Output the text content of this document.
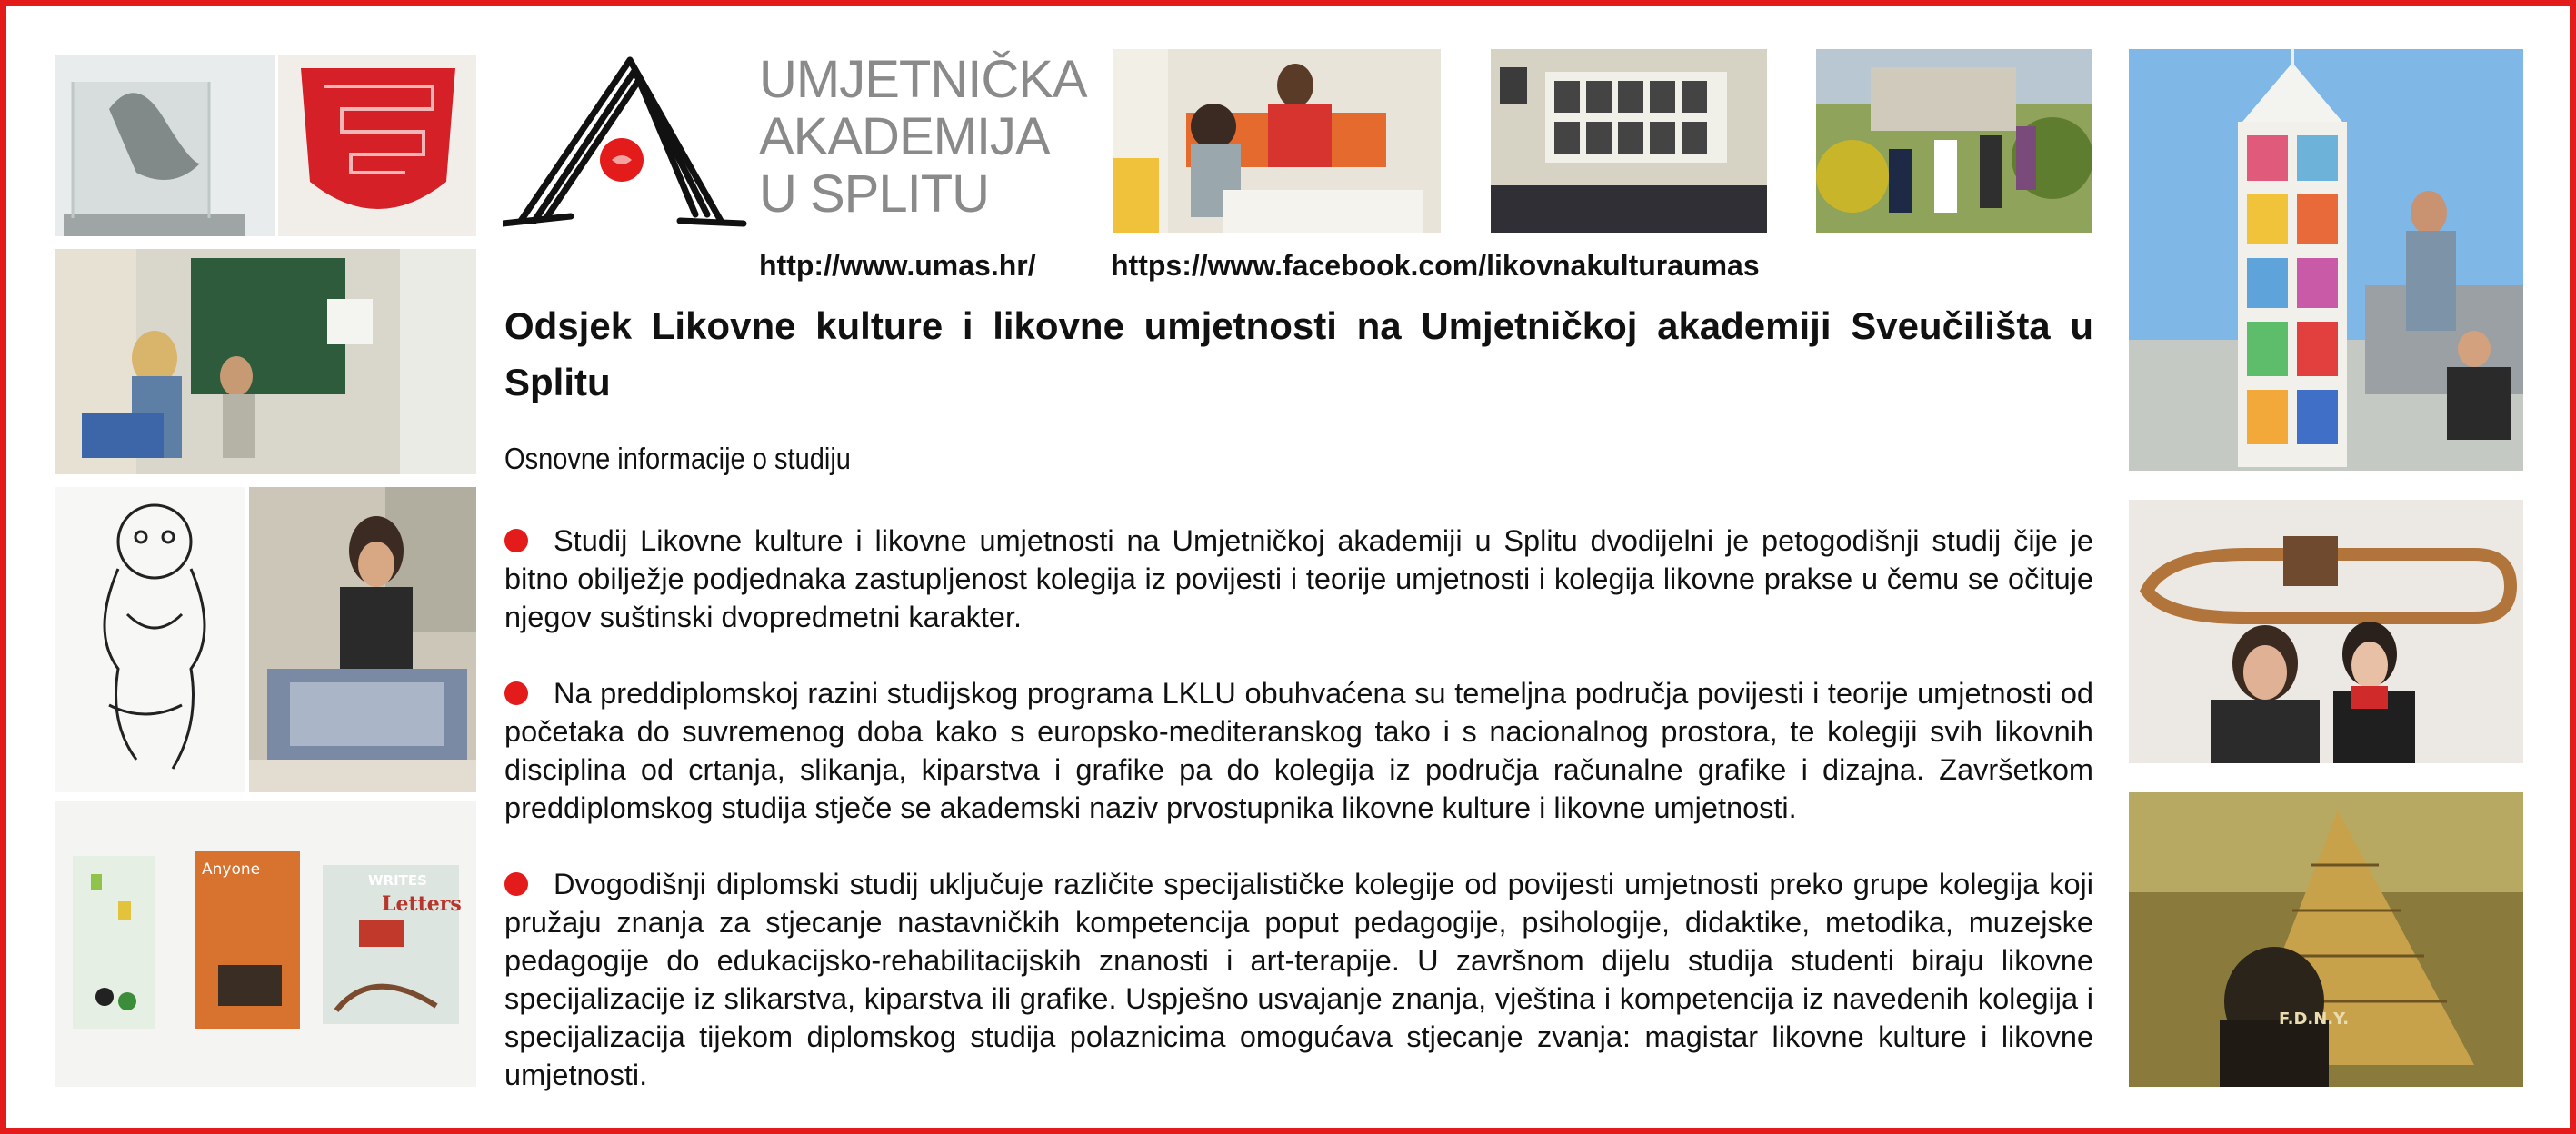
Anyone
WRITES
Letters
UMJETNIČKA
AKADEMIJA
U SPLITU
http://www.umas.hr/	https://www.facebook.com/likovnakulturaumas
F.D.N.Y.
Odsjek Likovne kulture i likovne umjetnosti na Umjetničkoj akademiji Sveučilišta u Splitu
Osnovne informacije o studiju
Studij Likovne kulture i likovne umjetnosti na Umjetničkoj akademiji u Splitu dvodijelni je petogodišnji studij čije je bitno obilježje podjednaka zastupljenost kolegija iz povijesti i teorije umjetnosti i kolegija likovne prakse u čemu se očituje njegov suštinski dvopredmetni karakter.
Na preddiplomskoj razini studijskog programa LKLU obuhvaćena su temeljna područja povijesti i teorije umjetnosti od početaka do suvremenog doba kako s europsko-mediteranskog tako i s nacionalnog prostora, te kolegiji svih likovnih disciplina od crtanja, slikanja, kiparstva i grafike pa do kolegija iz područja računalne grafike i dizajna. Završetkom preddiplomskog studija stječe se akademski naziv prvostupnika likovne kulture i likovne umjetnosti.
Dvogodišnji diplomski studij uključuje različite specijalističke kolegije od povijesti umjetnosti preko grupe kolegija koji pružaju znanja za stjecanje nastavničkih kompetencija poput pedagogije, psihologije, didaktike, metodika, muzejske pedagogije do edukacijsko-rehabilitacijskih znanosti i art-terapije. U završnom dijelu studija studenti biraju likovne specijalizacije iz slikarstva, kiparstva ili grafike. Uspješno usvajanje znanja, vještina i kompetencija iz navedenih kolegija i specijalizacija tijekom diplomskog studija polaznicima omogućava stjecanje zvanja: magistar likovne kulture i likovne umjetnosti.
